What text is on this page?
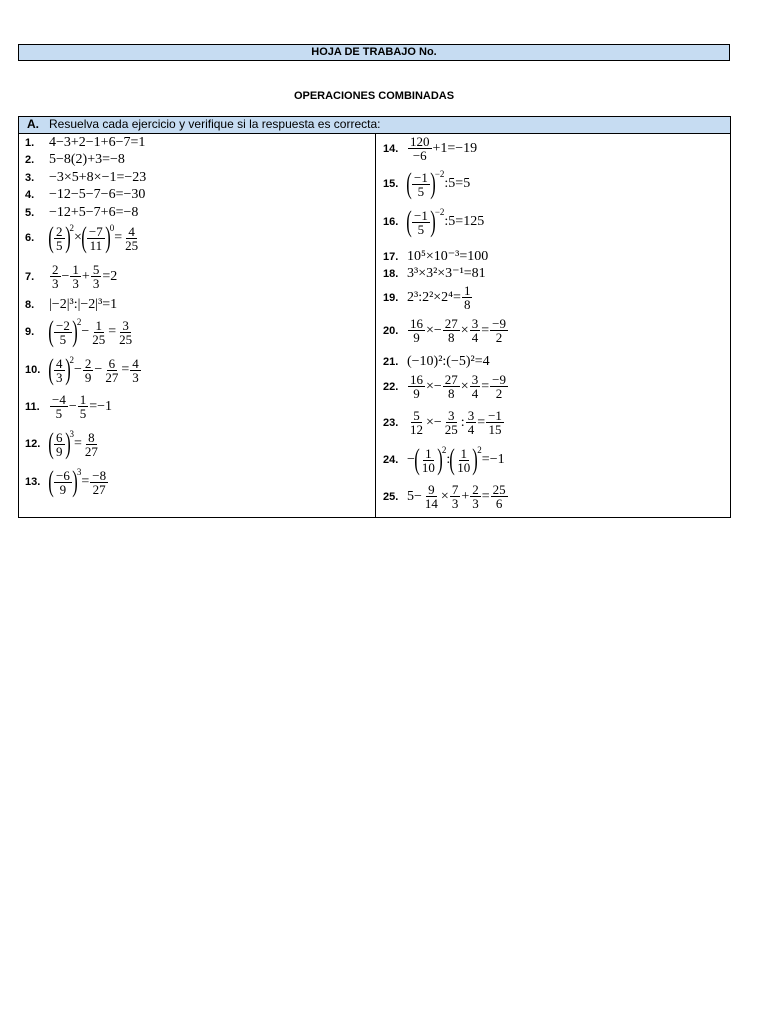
HOJA DE TRABAJO No.
OPERACIONES COMBINADAS
A. Resuelva cada ejercicio y verifique si la respuesta es correcta:
1.	4−3+2−1+6−7=1
2.	5−8(2)+3=−8
3.	−3×5+8×−1=−23
4.	−12−5−7−6=−30
5.	−12+5−7+6=−8
6. ( $\frac{2}{5}$ ) 2
× ( $\frac{-7}{11}$ ) 0
= $\frac{4}{25}$
7.	$\frac{2}{3} - \frac{1}{3} + \frac{5}{3} =2$
8.	|−2|³:|−2|³=1
9. ( $\frac{-2}{5}$ ) 2
− $\frac{1}{25} = \frac{3}{25}$
10. ( $\frac{4}{3}$ ) 2
− $\frac{2}{9} - \frac{6}{27} = \frac{4}{3}$
11. $\frac{-4}{5} - \frac{1}{5} =-1$
12. ( $\frac{6}{9}$ ) 3
= $\frac{8}{27}$
13. ( $\frac{-6}{9}$ ) 3
= $\frac{-8}{27}$
14. $\frac{120}{-6} +1=-19$
15. ( $\frac{-1}{5}$ ) −2
:5=5
16. ( $\frac{-1}{5}$ ) −2
:5=125
17. 10⁵×10⁻³=100
18. 3³×3²×3⁻¹=81
19. 2³:2²×2⁴= $\frac{1}{8}$
20. $\frac{16}{9} \times- \frac{27}{8} \times \frac{3}{4} = \frac{-9}{2}$
21. (−10)²:(−5)²=4
22. $\frac{16}{9} \times- \frac{27}{8} \times \frac{3}{4} = \frac{-9}{2}$
23. $\frac{5}{12} \times- \frac{3}{25}$ : $\frac{3}{4} = \frac{-1}{15}$
24. − ( $\frac{1}{10}$ ) 2
: ( $\frac{1}{10}$ ) 2
=−1
25. $5- \frac{9}{14} \times \frac{7}{3} + \frac{2}{3} = \frac{25}{6}$
